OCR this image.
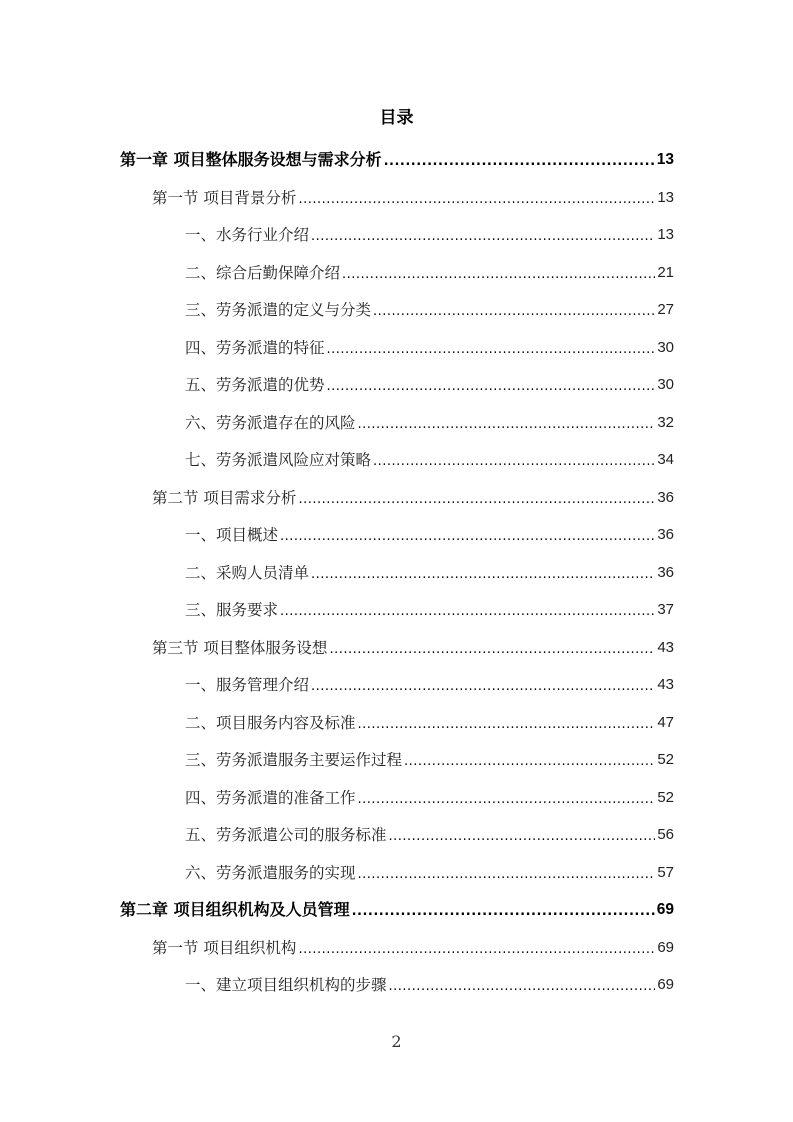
目录
第一章 项目整体服务设想与需求分析 .....	13
第一节 项目背景分析 .....	13
一、水务行业介绍 .....	13
二、综合后勤保障介绍 .....	21
三、劳务派遣的定义与分类 .....	27
四、劳务派遣的特征 .....	30
五、劳务派遣的优势 .....	30
六、劳务派遣存在的风险 .....	32
七、劳务派遣风险应对策略 .....	34
第二节 项目需求分析 .....	36
一、项目概述 .....	36
二、采购人员清单 .....	36
三、服务要求 .....	37
第三节 项目整体服务设想 .....	43
一、服务管理介绍 .....	43
二、项目服务内容及标准 .....	47
三、劳务派遣服务主要运作过程 .....	52
四、劳务派遣的准备工作 .....	52
五、劳务派遣公司的服务标准 .....	56
六、劳务派遣服务的实现 .....	57
第二章 项目组织机构及人员管理 .....	69
第一节 项目组织机构 .....	69
一、建立项目组织机构的步骤 .....	69
2
